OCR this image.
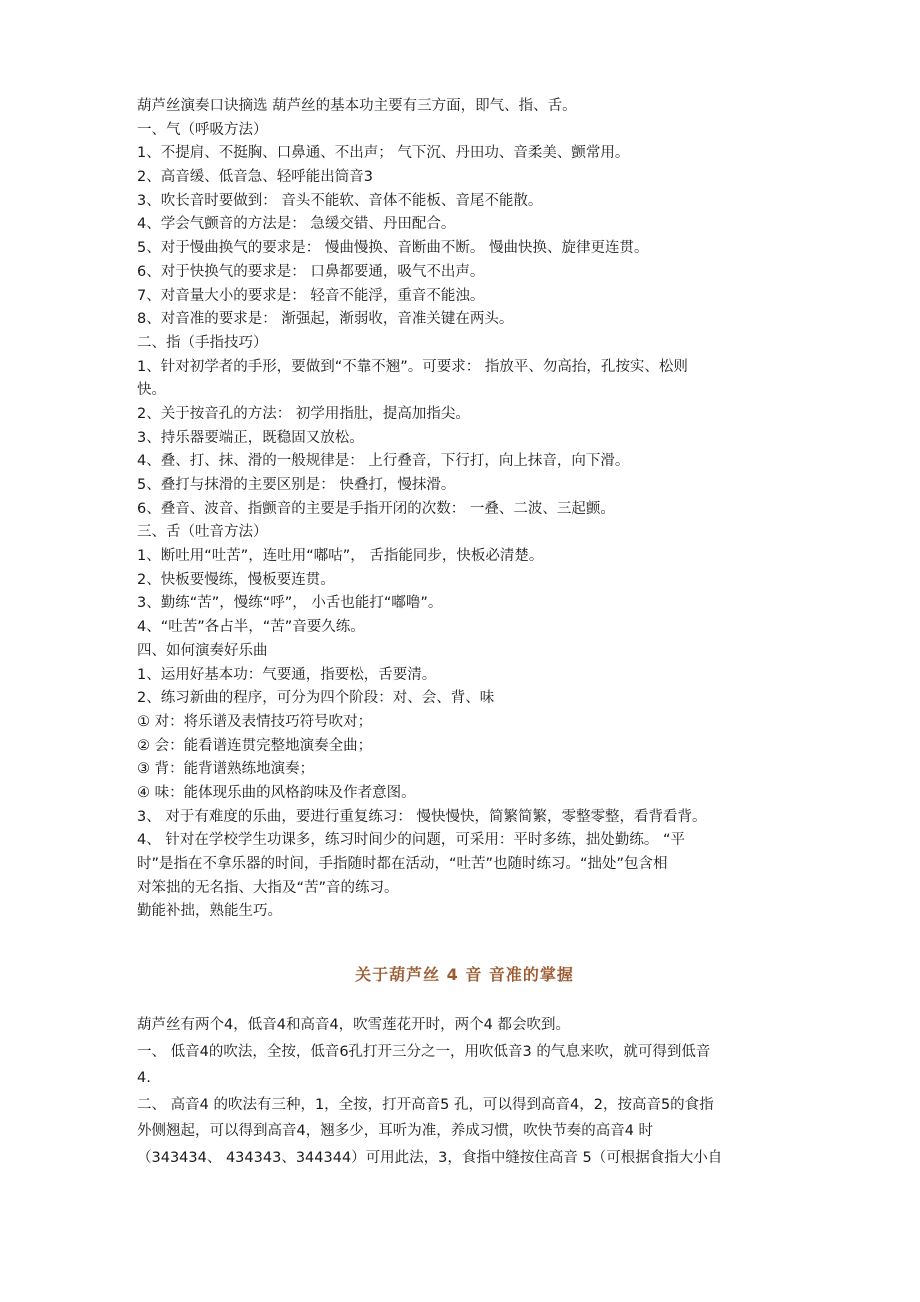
葫芦丝演奏口诀摘选 葫芦丝的基本功主要有三方面，即气、指、舌。
一、气（呼吸方法）
1、不提肩、不挺胸、口鼻通、不出声； 气下沉、丹田功、音柔美、颤常用。
2、高音缓、低音急、轻呼能出筒音3
3、吹长音时要做到： 音头不能软、音体不能板、音尾不能散。
4、学会气颤音的方法是： 急缓交错、丹田配合。
5、对于慢曲换气的要求是： 慢曲慢换、音断曲不断。 慢曲快换、旋律更连贯。
6、对于快换气的要求是： 口鼻都要通，吸气不出声。
7、对音量大小的要求是： 轻音不能浮，重音不能浊。
8、对音准的要求是： 渐强起，渐弱收，音准关键在两头。
二、指（手指技巧）
1、针对初学者的手形，要做到“不靠不翘”。可要求： 指放平、勿高抬，孔按实、松则
快。
2、关于按音孔的方法： 初学用指肚，提高加指尖。
3、持乐器要端正，既稳固又放松。
4、叠、打、抹、滑的一般规律是： 上行叠音，下行打，向上抹音，向下滑。
5、叠打与抹滑的主要区别是： 快叠打，慢抹滑。
6、叠音、波音、指颤音的主要是手指开闭的次数： 一叠、二波、三起颤。
三、舌（吐音方法）
1、断吐用“吐苦”，连吐用“嘟咕”， 舌指能同步，快板必清楚。
2、快板要慢练，慢板要连贯。
3、勤练“苦”，慢练“呼”， 小舌也能打“嘟噜”。
4、“吐苦”各占半，“苦”音要久练。
四、如何演奏好乐曲
1、运用好基本功：气要通，指要松，舌要清。
2、练习新曲的程序，可分为四个阶段：对、会、背、味
① 对：将乐谱及表情技巧符号吹对；
② 会：能看谱连贯完整地演奏全曲；
③ 背：能背谱熟练地演奏；
④ 味：能体现乐曲的风格韵味及作者意图。
3、 对于有难度的乐曲，要进行重复练习： 慢快慢快，简繁简繁，零整零整，看背看背。
4、 针对在学校学生功课多，练习时间少的问题，可采用：平时多练，拙处勤练。 “平
时”是指在不拿乐器的时间，手指随时都在活动，“吐苦”也随时练习。“拙处”包含相
对笨拙的无名指、大指及“苦”音的练习。
勤能补拙，熟能生巧。
关于葫芦丝 4 音 音准的掌握
葫芦丝有两个4，低音4和高音4，吹雪莲花开时，两个4 都会吹到。
一、 低音4的吹法，全按，低音6孔打开三分之一，用吹低音3 的气息来吹，就可得到低音
4.
二、 高音4 的吹法有三种，1，全按，打开高音5 孔，可以得到高音4，2，按高音5的食指
外侧翘起，可以得到高音4，翘多少，耳听为准，养成习惯，吹快节奏的高音4 时
（343434、 434343、344344）可用此法，3，食指中缝按住高音 5（可根据食指大小自
